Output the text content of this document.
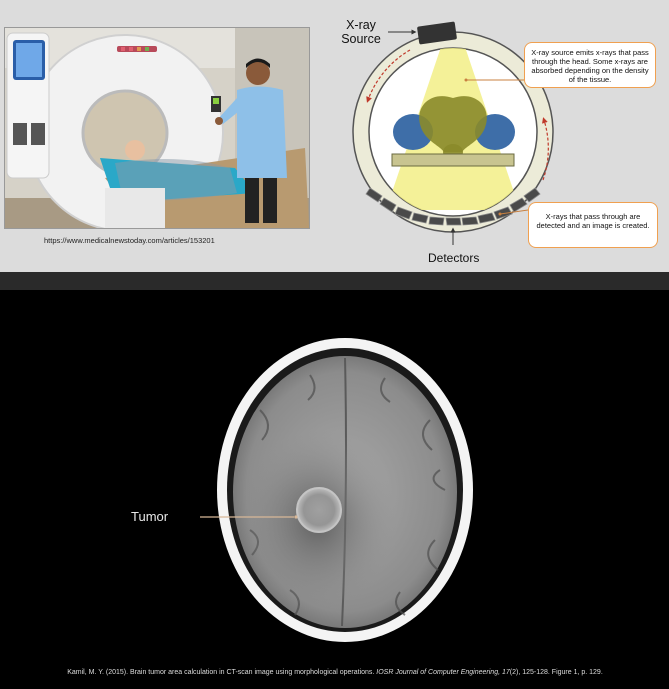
https://www.medicalnewstoday.com/articles/153201
X-ray
Source
Detectors
X-ray source emits x-rays that pass through the head. Some x-rays are absorbed depending on the density of the tissue.
X-rays that pass through are detected and an image is created.
Tumor
Kamil, M. Y. (2015). Brain tumor area calculation in CT-scan image using morphological operations. IOSR Journal of Computer Engineering, 17(2), 125-128. Figure 1, p. 129.
